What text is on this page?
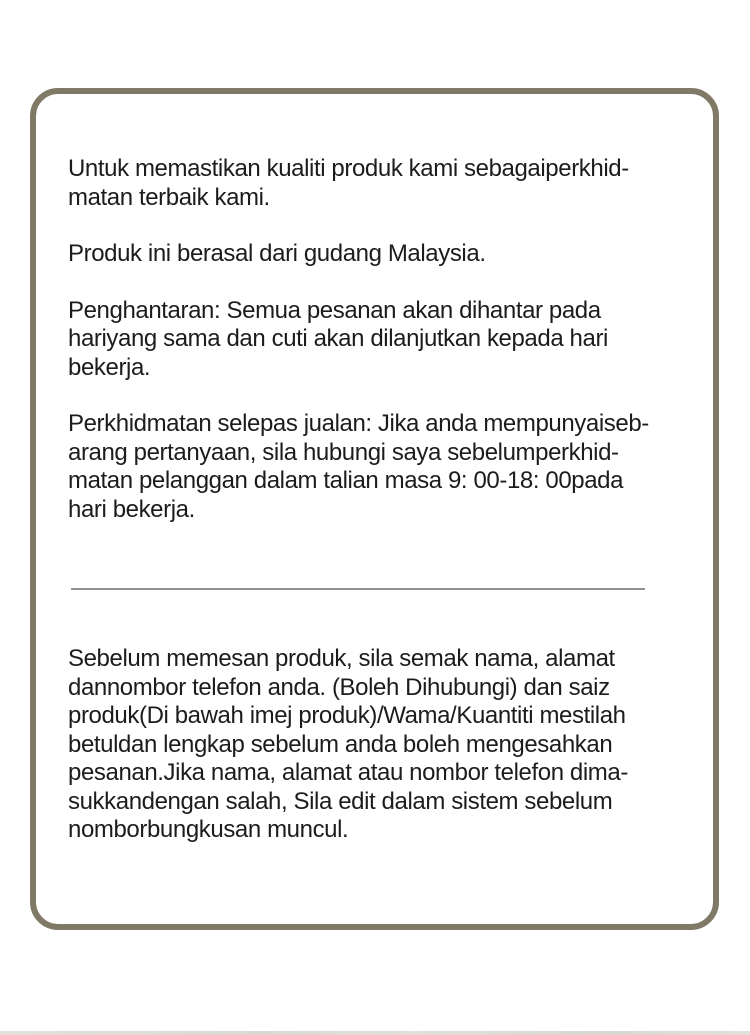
Untuk memastikan kualiti produk kami sebagaiperkhid-
matan terbaik kami.

Produk ini berasal dari gudang Malaysia.

Penghantaran: Semua pesanan akan dihantar pada
hariyang sama dan cuti akan dilanjutkan kepada hari
bekerja.

Perkhidmatan selepas jualan: Jika anda mempunyaiseb-
arang pertanyaan, sila hubungi saya sebelumperkhid-
matan pelanggan dalam talian masa 9: 00-18: 00pada
hari bekerja.

Sebelum memesan produk, sila semak nama, alamat
dannombor telefon anda. (Boleh Dihubungi) dan saiz
produk(Di bawah imej produk)/Wama/Kuantiti mestilah
betuldan lengkap sebelum anda boleh mengesahkan
pesanan.Jika nama, alamat atau nombor telefon dima-
sukkandengan salah, Sila edit dalam sistem sebelum
nomborbungkusan muncul.
